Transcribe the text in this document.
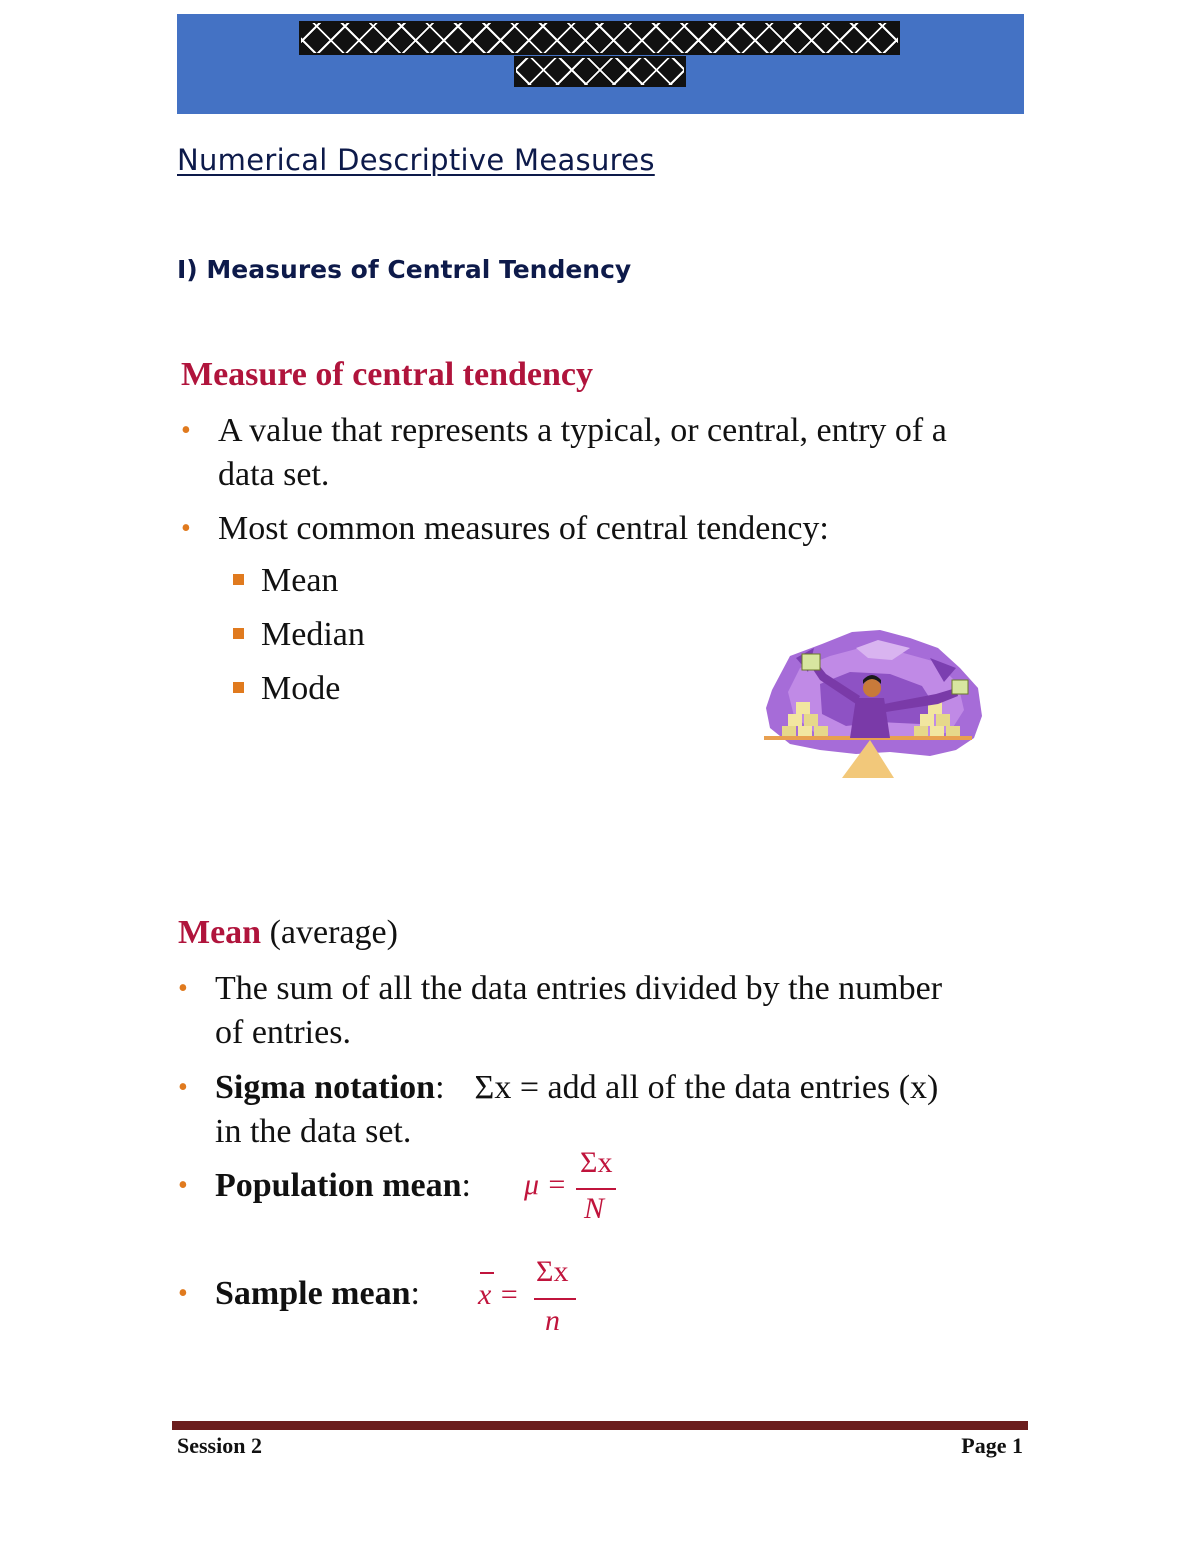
Numerical Descriptive Measures
I) Measures of Central Tendency
Measure of central tendency
• A value that represents a typical, or central, entry of a
data set.
• Most common measures of central tendency:
Mean
Median
Mode
Mean (average)
• The sum of all the data entries divided by the number
of entries.
• Sigma notation: Σx = add all of the data entries (x)
in the data set.
• Population mean: μ =
Σx
N
• Sample mean: x =
Σx
n
Session 2	Page 1
